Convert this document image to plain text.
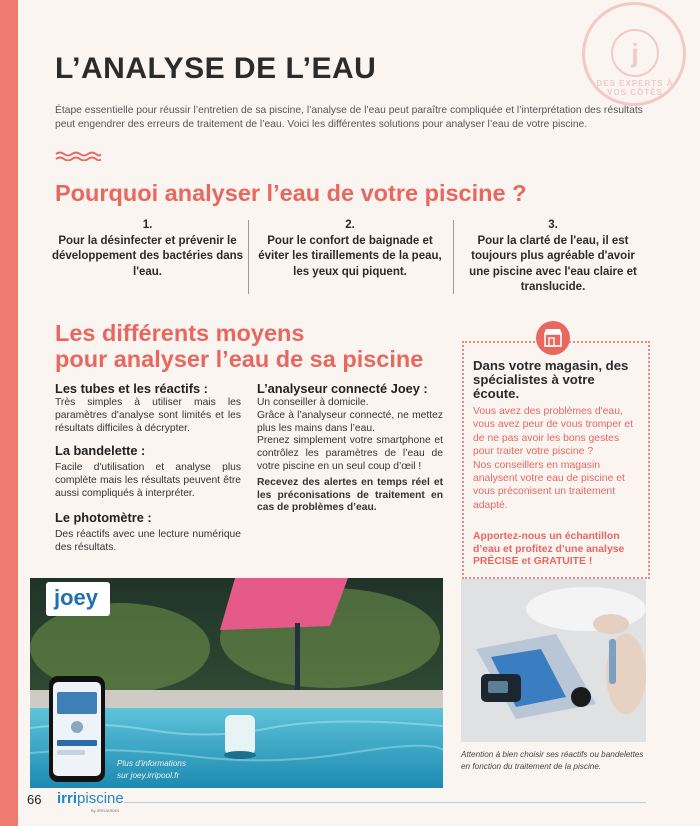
j
DES EXPERTS À VOS CÔTÉS
L’ANALYSE DE L’EAU
Étape essentielle pour réussir l’entretien de sa piscine, l’analyse de l’eau peut paraître compliquée et l’interprétation des résultats peut engendrer des erreurs de traitement de l’eau. Voici les différentes solutions pour analyser l’eau de votre piscine.
Pourquoi analyser l’eau de votre piscine ?
1.
Pour la désinfecter et prévenir le développement des bactéries dans l'eau.
2.
Pour le confort de baignade et éviter les tiraillements de la peau, les yeux qui piquent.
3.
Pour la clarté de l'eau, il est toujours plus agréable d'avoir une piscine avec l'eau claire et translucide.
Les différents moyens
pour analyser l’eau de sa piscine
Les tubes et les réactifs :

Très simples à utiliser mais les paramètres d'analyse sont limités et les résultats difficiles à décrypter.

La bandelette :

Facile d'utilisation et analyse plus complète mais les résultats peuvent être aussi compliqués à interpréter.

Le photomètre :

Des réactifs avec une lecture numérique des résultats.

L’analyseur connecté Joey :

Un conseiller à domicile.

Grâce à l’analyseur connecté, ne mettez plus les mains dans l’eau.

Prenez simplement votre smartphone et contrôlez les paramètres de l’eau de votre piscine en un seul coup d’œil !

Recevez des alertes en temps réel et les préconisations de traitement en cas de problèmes d’eau.

Dans votre magasin, des spécialistes à votre écoute.
Vous avez des problèmes d'eau, vous avez peur de vous tromper et de ne pas avoir les bons gestes pour traiter votre piscine ?
Nos conseillers en magasin analysent votre eau de piscine et vous préconisent un traitement adapté.
Apportez-nous un échantillon d’eau et profitez d’une analyse PRÉCISE et GRATUITE !
joey
Plus d'informations
sur joey.irripool.fr
Attention à bien choisir ses réactifs ou bandelettes en fonction du traitement de la piscine.
66 irripiscine
By IRRIJARDIN
